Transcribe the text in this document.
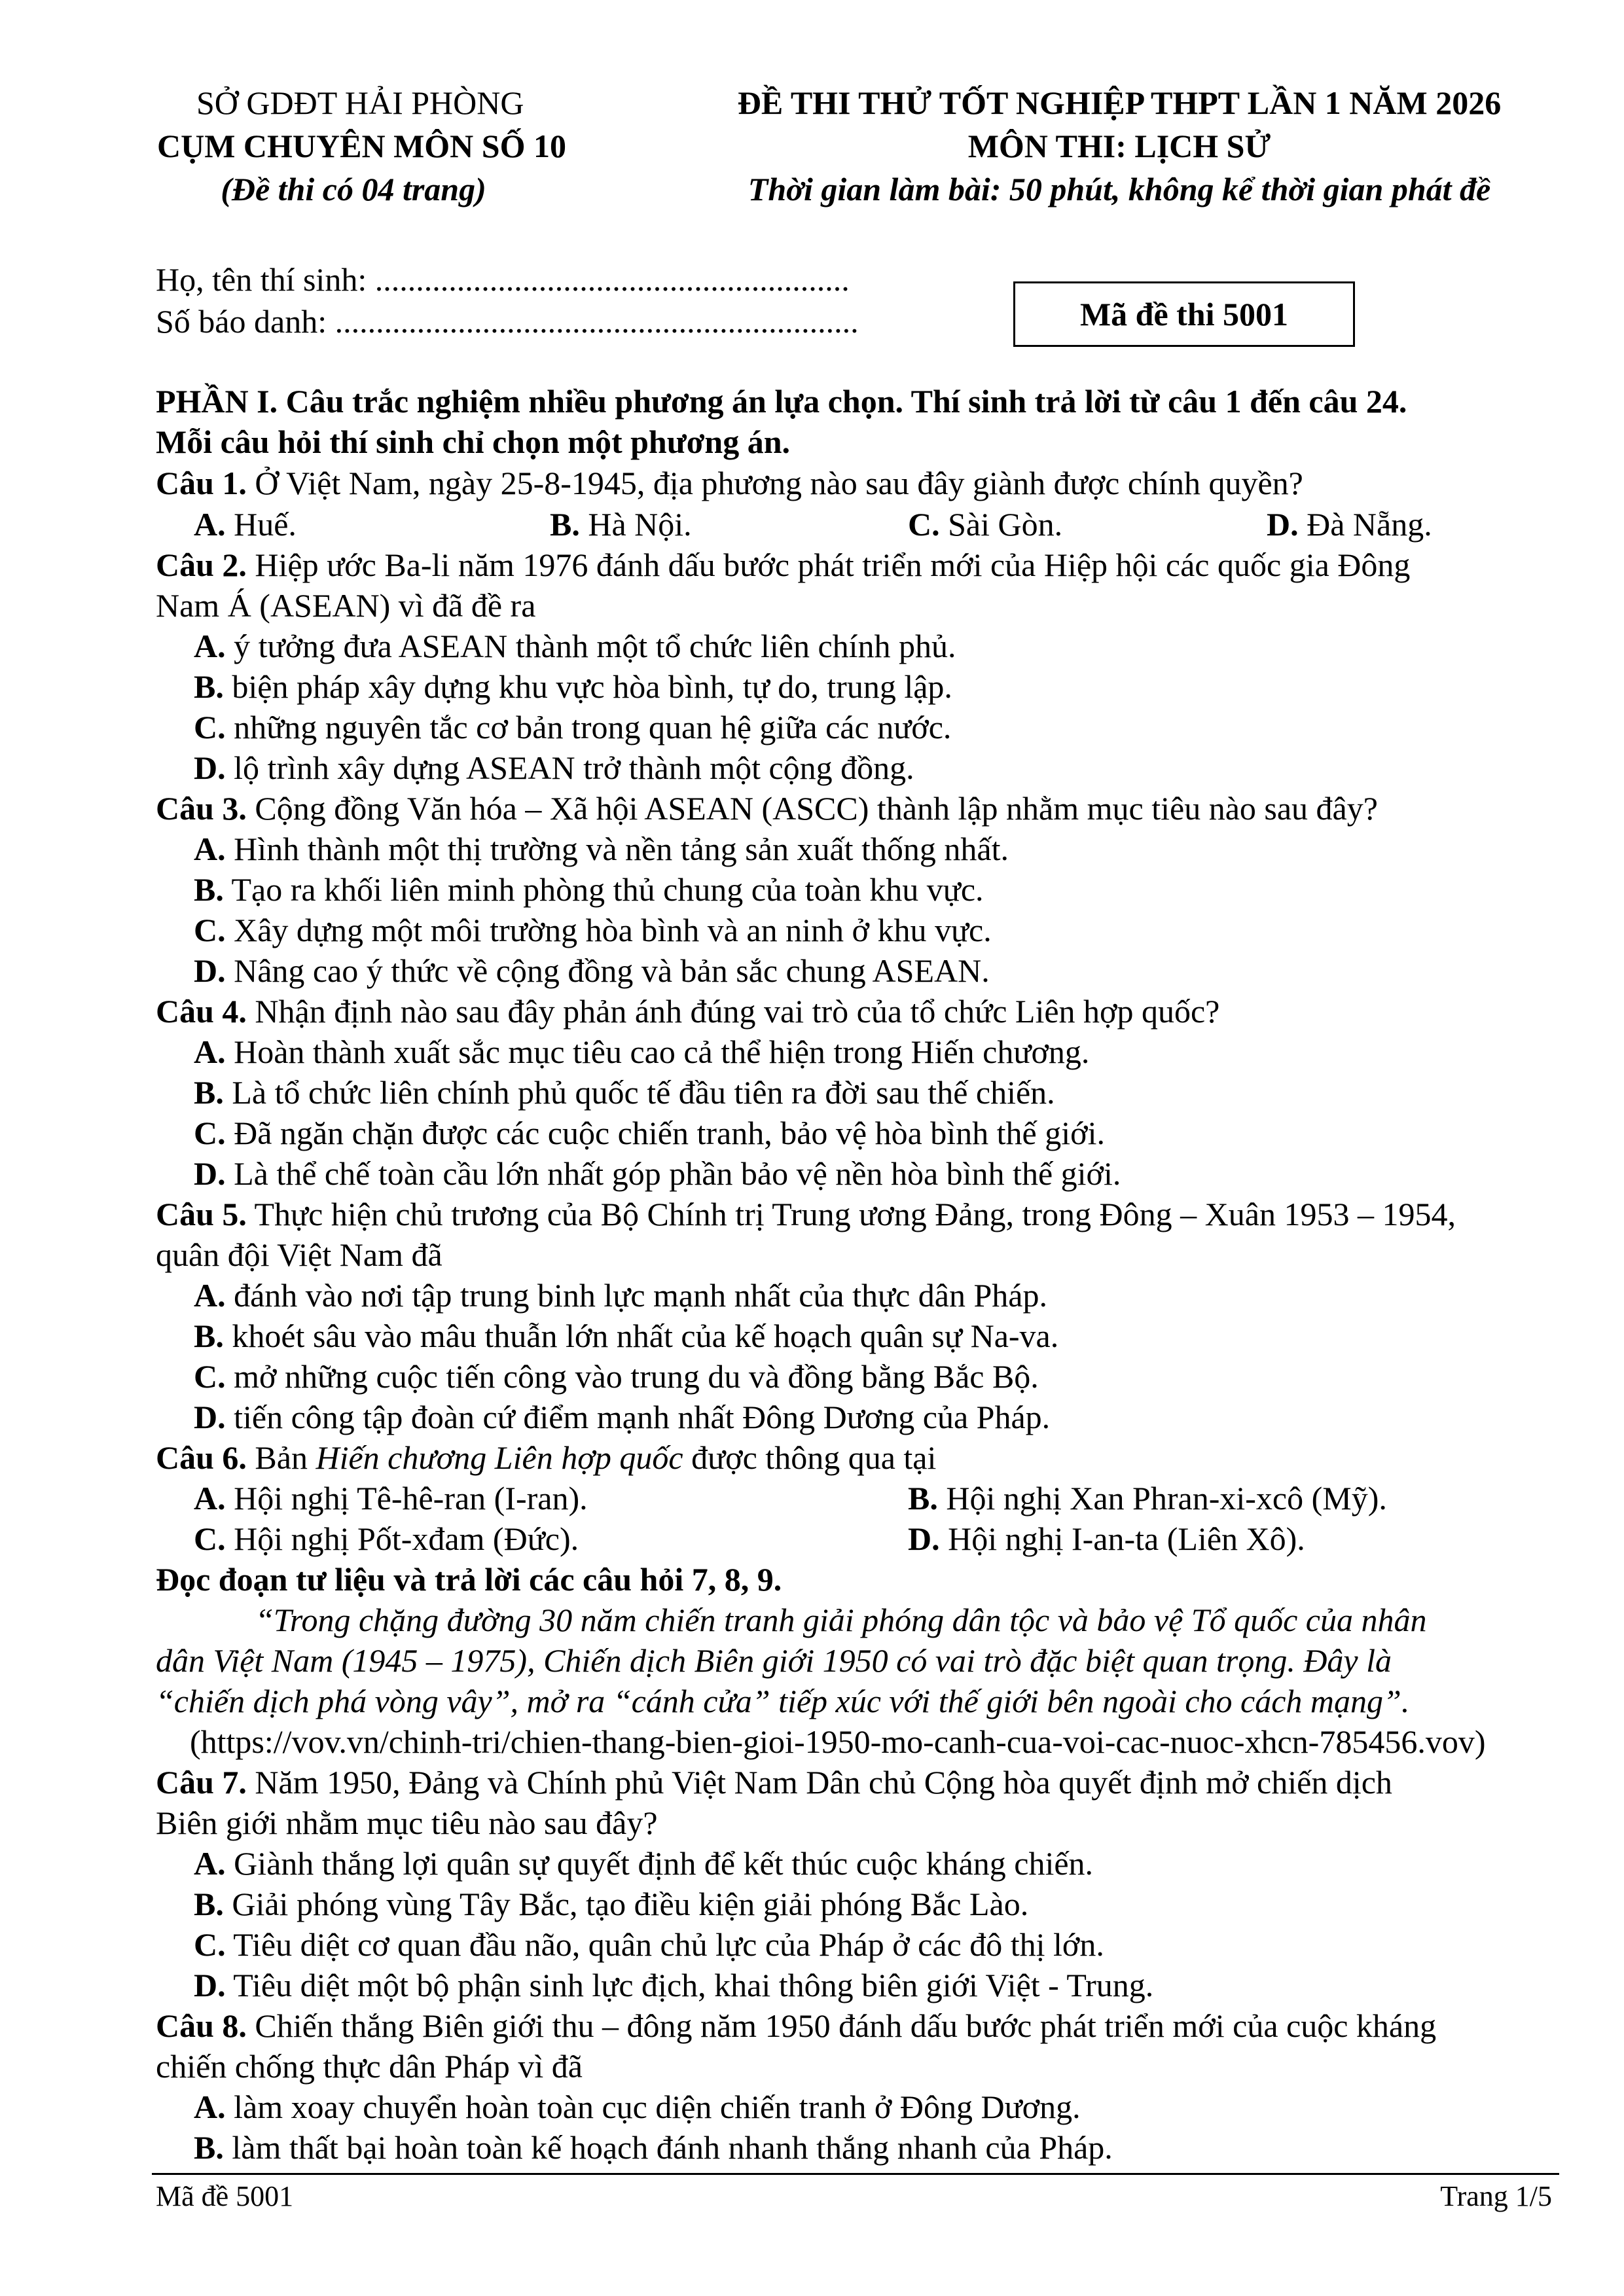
SỞ GDĐT HẢI PHÒNG
CỤM CHUYÊN MÔN SỐ 10
(Đề thi có 04 trang)
ĐỀ THI THỬ TỐT NGHIỆP THPT LẦN 1 NĂM 2026
MÔN THI: LỊCH SỬ
Thời gian làm bài: 50 phút, không kể thời gian phát đề
Họ, tên thí sinh: ..........................................................
Số báo danh: ................................................................	Mã đề thi 5001
PHẦN I. Câu trắc nghiệm nhiều phương án lựa chọn. Thí sinh trả lời từ câu 1 đến câu 24.
Mỗi câu hỏi thí sinh chỉ chọn một phương án.
Câu 1. Ở Việt Nam, ngày 25-8-1945, địa phương nào sau đây giành được chính quyền?
A. Huế.	B. Hà Nội.	C. Sài Gòn.	D. Đà Nẵng.
Câu 2. Hiệp ước Ba-li năm 1976 đánh dấu bước phát triển mới của Hiệp hội các quốc gia Đông
Nam Á (ASEAN) vì đã đề ra
A. ý tưởng đưa ASEAN thành một tổ chức liên chính phủ.
B. biện pháp xây dựng khu vực hòa bình, tự do, trung lập.
C. những nguyên tắc cơ bản trong quan hệ giữa các nước.
D. lộ trình xây dựng ASEAN trở thành một cộng đồng.
Câu 3. Cộng đồng Văn hóa – Xã hội ASEAN (ASCC) thành lập nhằm mục tiêu nào sau đây?
A. Hình thành một thị trường và nền tảng sản xuất thống nhất.
B. Tạo ra khối liên minh phòng thủ chung của toàn khu vực.
C. Xây dựng một môi trường hòa bình và an ninh ở khu vực.
D. Nâng cao ý thức về cộng đồng và bản sắc chung ASEAN.
Câu 4. Nhận định nào sau đây phản ánh đúng vai trò của tổ chức Liên hợp quốc?
A. Hoàn thành xuất sắc mục tiêu cao cả thể hiện trong Hiến chương.
B. Là tổ chức liên chính phủ quốc tế đầu tiên ra đời sau thế chiến.
C. Đã ngăn chặn được các cuộc chiến tranh, bảo vệ hòa bình thế giới.
D. Là thể chế toàn cầu lớn nhất góp phần bảo vệ nền hòa bình thế giới.
Câu 5. Thực hiện chủ trương của Bộ Chính trị Trung ương Đảng, trong Đông – Xuân 1953 – 1954,
quân đội Việt Nam đã
A. đánh vào nơi tập trung binh lực mạnh nhất của thực dân Pháp.
B. khoét sâu vào mâu thuẫn lớn nhất của kế hoạch quân sự Na-va.
C. mở những cuộc tiến công vào trung du và đồng bằng Bắc Bộ.
D. tiến công tập đoàn cứ điểm mạnh nhất Đông Dương của Pháp.
Câu 6. Bản Hiến chương Liên hợp quốc được thông qua tại
A. Hội nghị Tê-hê-ran (I-ran).	B. Hội nghị Xan Phran-xi-xcô (Mỹ).
C. Hội nghị Pốt-xđam (Đức).	D. Hội nghị I-an-ta (Liên Xô).
Đọc đoạn tư liệu và trả lời các câu hỏi 7, 8, 9.
“Trong chặng đường 30 năm chiến tranh giải phóng dân tộc và bảo vệ Tổ quốc của nhân
dân Việt Nam (1945 – 1975), Chiến dịch Biên giới 1950 có vai trò đặc biệt quan trọng. Đây là
“chiến dịch phá vòng vây”, mở ra “cánh cửa” tiếp xúc với thế giới bên ngoài cho cách mạng”.
(https://vov.vn/chinh-tri/chien-thang-bien-gioi-1950-mo-canh-cua-voi-cac-nuoc-xhcn-785456.vov)
Câu 7. Năm 1950, Đảng và Chính phủ Việt Nam Dân chủ Cộng hòa quyết định mở chiến dịch
Biên giới nhằm mục tiêu nào sau đây?
A. Giành thắng lợi quân sự quyết định để kết thúc cuộc kháng chiến.
B. Giải phóng vùng Tây Bắc, tạo điều kiện giải phóng Bắc Lào.
C. Tiêu diệt cơ quan đầu não, quân chủ lực của Pháp ở các đô thị lớn.
D. Tiêu diệt một bộ phận sinh lực địch, khai thông biên giới Việt - Trung.
Câu 8. Chiến thắng Biên giới thu – đông năm 1950 đánh dấu bước phát triển mới của cuộc kháng
chiến chống thực dân Pháp vì đã
A. làm xoay chuyển hoàn toàn cục diện chiến tranh ở Đông Dương.
B. làm thất bại hoàn toàn kế hoạch đánh nhanh thắng nhanh của Pháp.
Mã đề 5001	Trang 1/5
